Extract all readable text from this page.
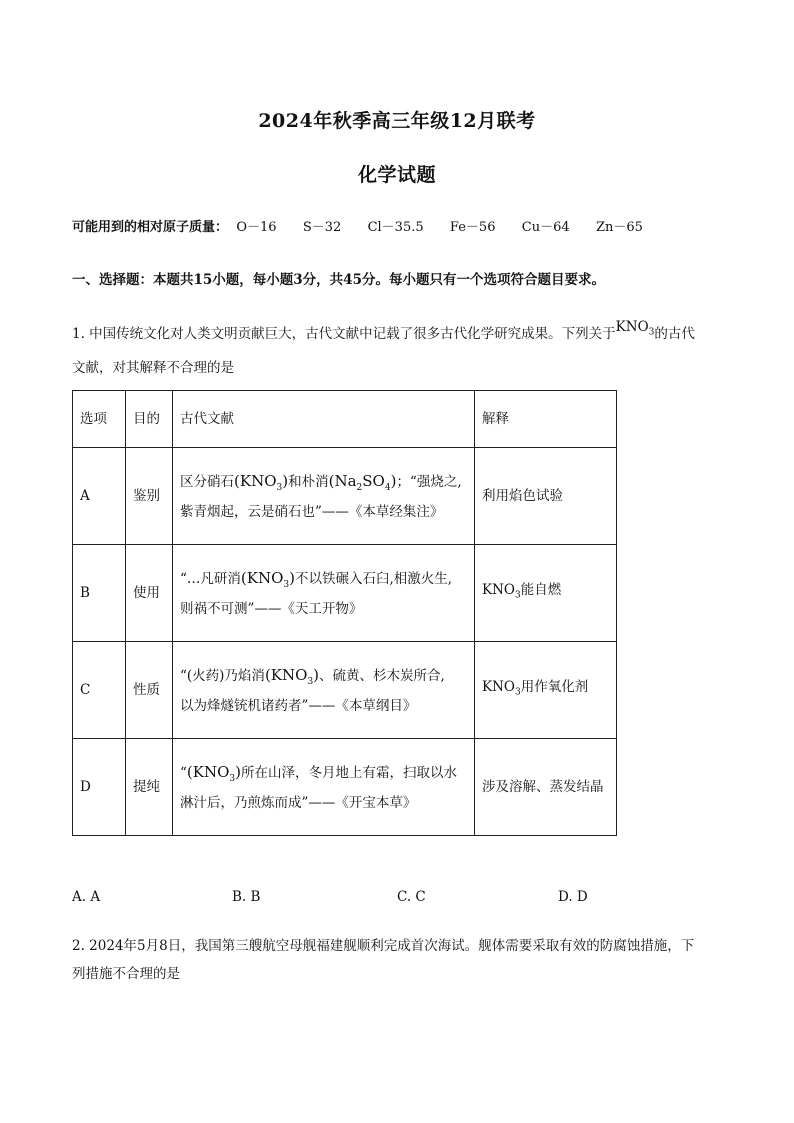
2024年秋季高三年级12月联考
化学试题
可能用到的相对原子质量： O－16 S－32 Cl－35.5 Fe－56 Cu－64 Zn－65
一、选择题：本题共15小题，每小题3分，共45分。每小题只有一个选项符合题目要求。
1. 中国传统文化对人类文明贡献巨大，古代文献中记载了很多古代化学研究成果。下列关于$KNO_3$的古代
文献，对其解释不合理的是
选项	目的	古代文献	解释
A	鉴别	区分硝石$(KNO_3)$和朴消$(Na_2SO_4)$；“强烧之,
紫青烟起，云是硝石也”——《本草经集注》	利用焰色试验
B	使用	“…凡研消$(KNO_3)$不以铁碾入石臼,相激火生,
则祸不可测”——《天工开物》	$KNO_3$能自燃
C	性质	“(火药)乃焰消$(KNO_3)$、硫黄、杉木炭所合,
以为烽燧铳机诸药者”——《本草纲目》	$KNO_3$用作氧化剂
D	提纯	“$(KNO_3)$所在山泽，冬月地上有霜，扫取以水
淋汁后，乃煎炼而成”——《开宝本草》	涉及溶解、蒸发结晶
A. A	B. B	C. C	D. D
2. 2024年5月8日，我国第三艘航空母舰福建舰顺利完成首次海试。舰体需要采取有效的防腐蚀措施，下
列措施不合理的是
